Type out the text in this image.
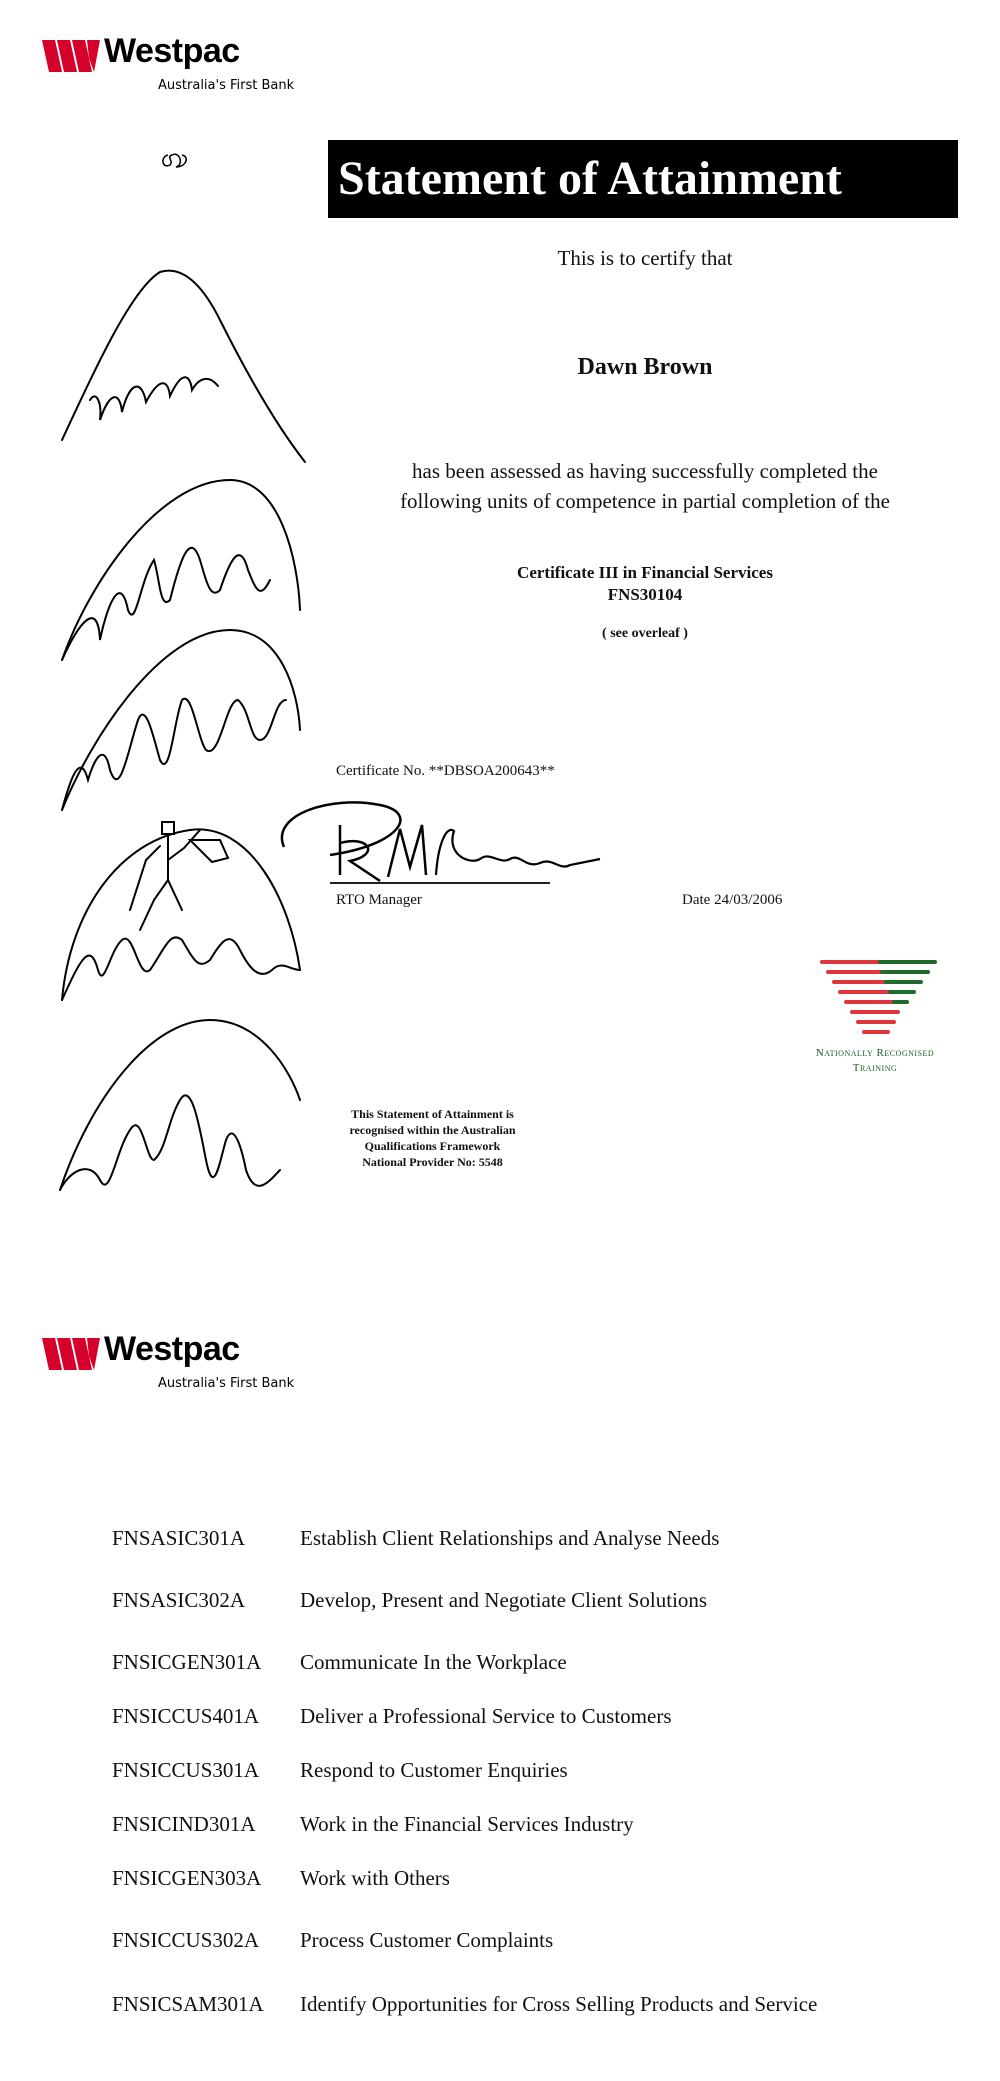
Westpac
Australia's First Bank
Statement of Attainment
This is to certify that
Dawn Brown
has been assessed as having successfully completed the
following units of competence in partial completion of the
Certificate III in Financial Services
FNS30104
( see overleaf )
Certificate No. **DBSOA200643**
RTO Manager	Date 24/03/2006
Nationally Recognised
Training
This Statement of Attainment is
recognised within the Australian
Qualifications Framework
National Provider No: 5548
Westpac
Australia's First Bank
FNSASIC301A	Establish Client Relationships and Analyse Needs
FNSASIC302A	Develop, Present and Negotiate Client Solutions
FNSICGEN301A Communicate In the Workplace
FNSICCUS401A Deliver a Professional Service to Customers
FNSICCUS301A Respond to Customer Enquiries
FNSICIND301A Work in the Financial Services Industry
FNSICGEN303A Work with Others
FNSICCUS302A Process Customer Complaints
FNSICSAM301A Identify Opportunities for Cross Selling Products and Service
